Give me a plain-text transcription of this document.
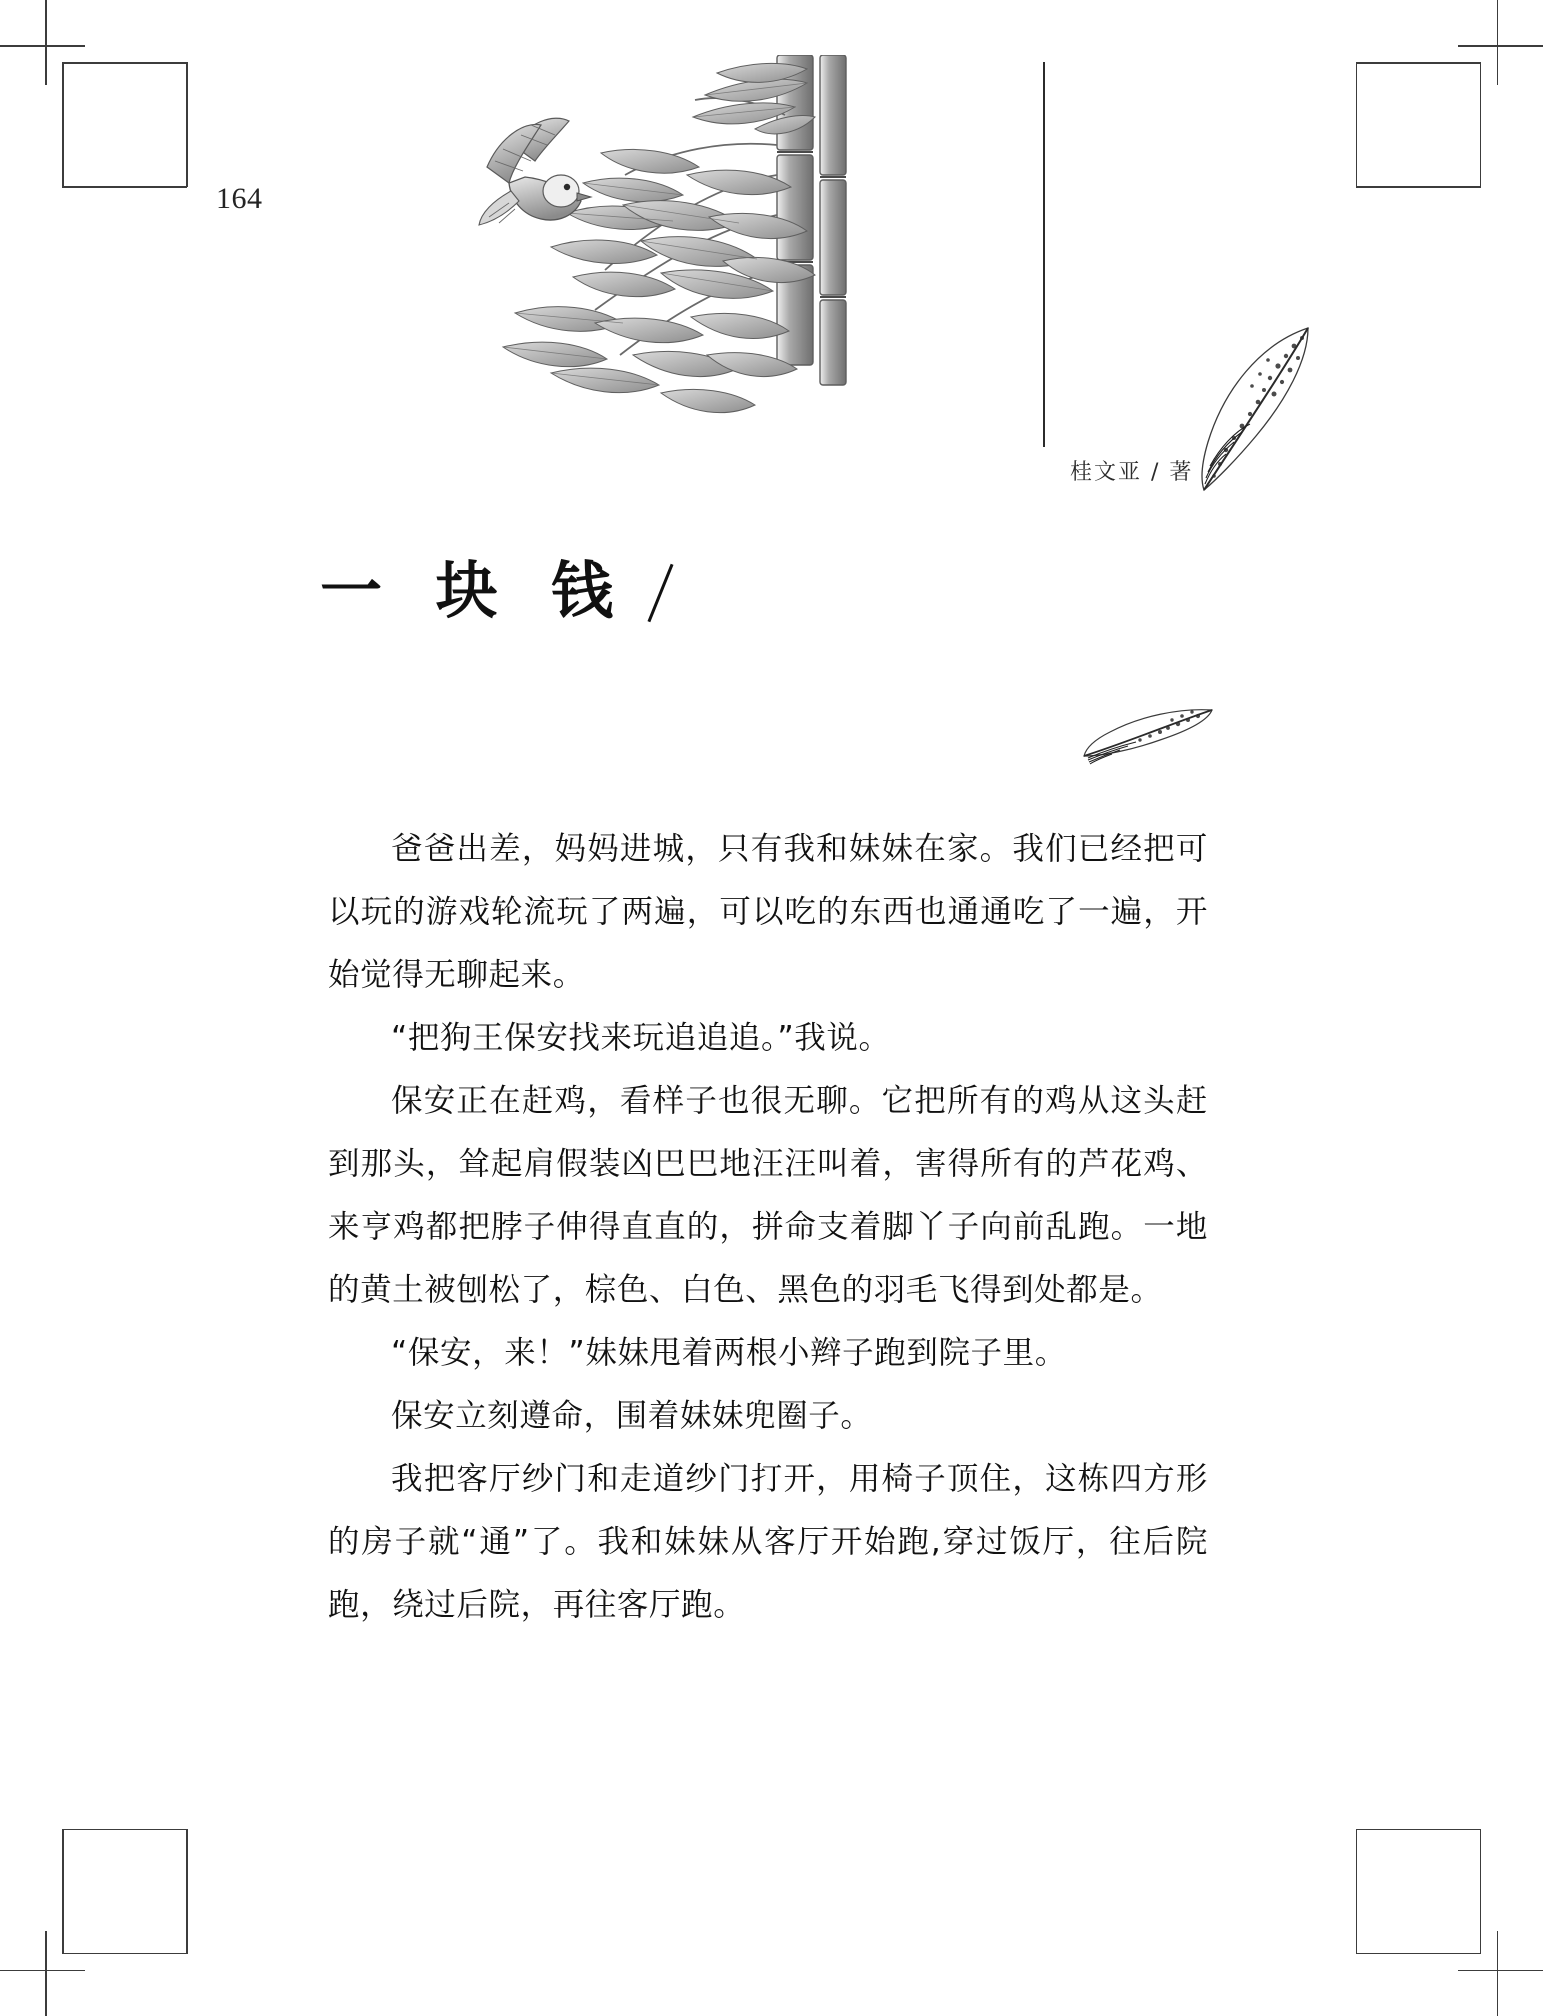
164
桂文亚 / 著
一 块 钱

爸爸出差，妈妈进城，只有我和妹妹在家。我们已经把可以玩的游戏轮流玩了两遍，可以吃的东西也通通吃了一遍，开始觉得无聊起来。

“把狗王保安找来玩追追追。”我说。

保安正在赶鸡，看样子也很无聊。它把所有的鸡从这头赶到那头，耸起肩假装凶巴巴地汪汪叫着，害得所有的芦花鸡、来亨鸡都把脖子伸得直直的，拼命支着脚丫子向前乱跑。一地的黄土被刨松了，棕色、白色、黑色的羽毛飞得到处都是。

“保安，来！”妹妹甩着两根小辫子跑到院子里。

保安立刻遵命，围着妹妹兜圈子。

我把客厅纱门和走道纱门打开，用椅子顶住，这栋四方形的房子就“通”了。我和妹妹从客厅开始跑,穿过饭厅，往后院跑，绕过后院，再往客厅跑。
